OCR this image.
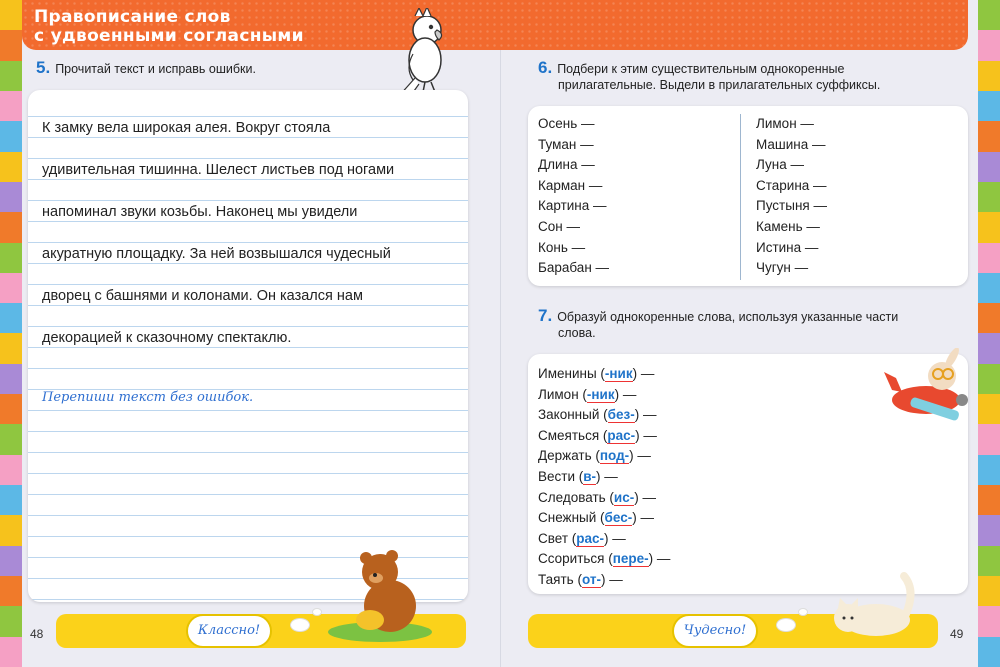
Правописание слов
с удвоенными согласными
5. Прочитай текст и исправь ошибки.
К замку вела широкая алея. Вокруг стояла
удивительная тишинна. Шелест листьев под ногами
напоминал звуки козьбы. Наконец мы увидели
акуратную площадку. За ней возвышался чудесный
дворец с башнями и колонами. Он казался нам
декорацией к сказочному спектаклю.
Перепиши текст без ошибок.
6. Подбери к этим существительным однокоренные
прилагательные. Выдели в прилагательных суффиксы.
Осень —
Туман —
Длина —
Карман —
Картина —
Сон —
Конь —
Барабан —
Лимон —
Машина —
Луна —
Старина —
Пустыня —
Камень —
Истина —
Чугун —
7. Образуй однокоренные слова, используя указанные части
слова.
Именины (-ник) —
Лимон (-ник) —
Законный (без-) —
Смеяться (рас-) —
Держать (под-) —
Вести (в-) —
Следовать (ис-) —
Снежный (бес-) —
Свет (рас-) —
Ссориться (пере-) —
Таять (от-) —
Классно!
48	Чудесно!	49
